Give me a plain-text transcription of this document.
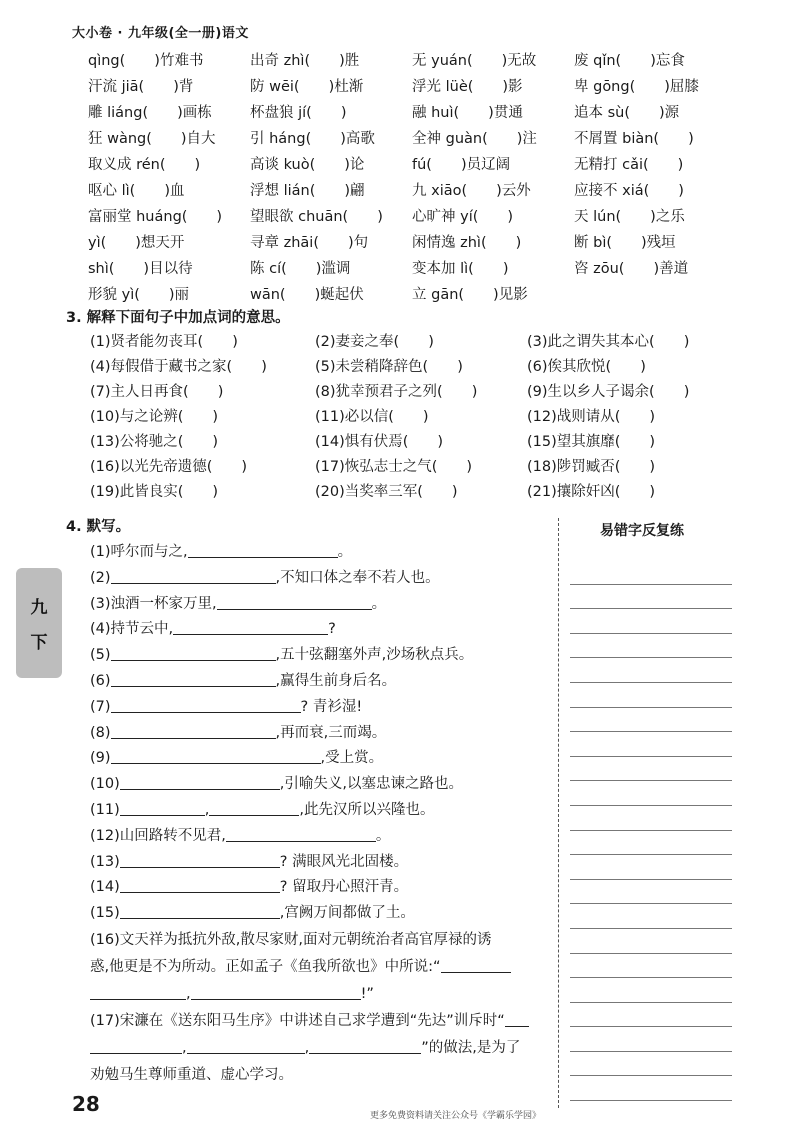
大小卷 · 九年级(全一册)语文
qìng(　　)竹难书	出奇 zhì(　　)胜	无 yuán(　　)无故	废 qǐn(　　)忘食
汗流 jiā(　　)背	防 wēi(　　)杜渐	浮光 lüè(　　)影	卑 gōng(　　)屈膝
雕 liáng(　　)画栋	杯盘狼 jí(　　)	融 huì(　　)贯通	追本 sù(　　)源
狂 wàng(　　)自大	引 háng(　　)高歌	全神 guàn(　　)注	不屑置 biàn(　　)
取义成 rén(　　)	高谈 kuò(　　)论	fú(　　)员辽阔	无精打 cǎi(　　)
呕心 lì(　　)血	浮想 lián(　　)翩	九 xiāo(　　)云外	应接不 xiá(　　)
富丽堂 huáng(　　)	望眼欲 chuān(　　)	心旷神 yí(　　)	天 lún(　　)之乐
yì(　　)想天开	寻章 zhāi(　　)句	闲情逸 zhì(　　)	断 bì(　　)残垣
shì(　　)目以待	陈 cí(　　)滥调	变本加 lì(　　)	咨 zōu(　　)善道
形貌 yì(　　)丽	wān(　　)蜒起伏	立 gān(　　)见影
3. 解释下面句子中加点词的意思。
(1)贤者能勿丧耳(　　)	(2)妻妾之奉(　　)	(3)此之谓失其本心(　　)
(4)每假借于藏书之家(　　)	(5)未尝稍降辞色(　　)	(6)俟其欣悦(　　)
(7)主人日再食(　　)	(8)犹幸预君子之列(　　)	(9)生以乡人子谒余(　　)
(10)与之论辨(　　)	(11)必以信(　　)	(12)战则请从(　　)
(13)公将驰之(　　)	(14)惧有伏焉(　　)	(15)望其旗靡(　　)
(16)以光先帝遗德(　　)	(17)恢弘志士之气(　　)	(18)陟罚臧否(　　)
(19)此皆良实(　　)	(20)当奖率三军(　　)	(21)攘除奸凶(　　)
4. 默写。
(1)呼尔而与之,	。
(2)	,不知口体之奉不若人也。
(3)浊酒一杯家万里,	。
(4)持节云中,	?
(5)	,五十弦翻塞外声,沙场秋点兵。
(6)	,赢得生前身后名。
(7)	? 青衫湿!
(8)	,再而衰,三而竭。
(9)	,受上赏。
(10)	,引喻失义,以塞忠谏之路也。
(11)	,	,此先汉所以兴隆也。
(12)山回路转不见君,	。
(13)	? 满眼风光北固楼。
(14)	? 留取丹心照汗青。
(15)	,宫阙万间都做了土。
(16)文天祥为抵抗外敌,散尽家财,面对元朝统治者高官厚禄的诱
惑,他更是不为所动。正如孟子《鱼我所欲也》中所说:“
,	!”
(17)宋濂在《送东阳马生序》中讲述自己求学遭到“先达”训斥时“
,	,	”的做法,是为了
劝勉马生尊师重道、虚心学习。
易错字反复练
九
下
28	更多免费资料请关注公众号《学霸乐学园》
